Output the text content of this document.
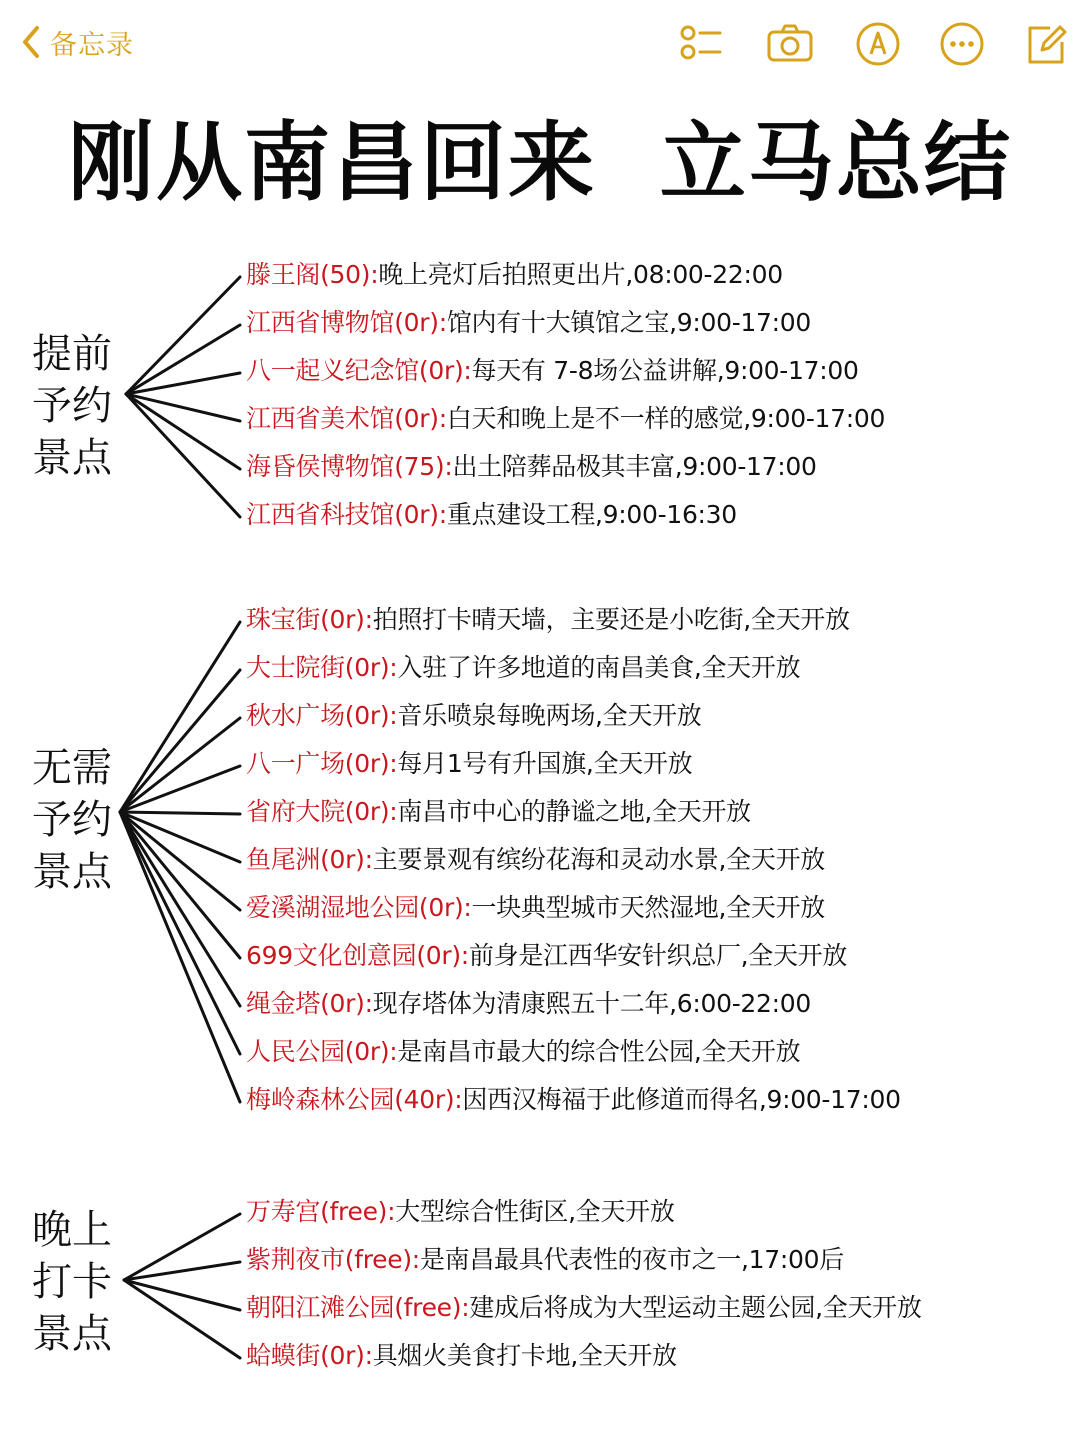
备忘录
刚从南昌回来  立马总结
提前
予约
景点
无需
予约
景点
晚上
打卡
景点
滕王阁(50):晚上亮灯后拍照更出片,08:00-22:00
江西省博物馆(0r):馆内有十大镇馆之宝,9:00-17:00
八一起义纪念馆(0r):每天有 7-8场公益讲解,9:00-17:00
江西省美术馆(0r):白天和晚上是不一样的感觉,9:00-17:00
海昏侯博物馆(75):出土陪葬品极其丰富,9:00-17:00
江西省科技馆(0r):重点建设工程,9:00-16:30
珠宝街(0r):拍照打卡晴天墙，主要还是小吃街,全天开放
大士院街(0r):入驻了许多地道的南昌美食,全天开放
秋水广场(0r):音乐喷泉每晚两场,全天开放
八一广场(0r):每月1号有升国旗,全天开放
省府大院(0r):南昌市中心的静谧之地,全天开放
鱼尾洲(0r):主要景观有缤纷花海和灵动水景,全天开放
爱溪湖湿地公园(0r):一块典型城市天然湿地,全天开放
699文化创意园(0r):前身是江西华安针织总厂,全天开放
绳金塔(0r):现存塔体为清康熙五十二年,6:00-22:00
人民公园(0r):是南昌市最大的综合性公园,全天开放
梅岭森林公园(40r):因西汉梅福于此修道而得名,9:00-17:00
万寿宫(free):大型综合性街区,全天开放
紫荆夜市(free):是南昌最具代表性的夜市之一,17:00后
朝阳江滩公园(free):建成后将成为大型运动主题公园,全天开放
蛤蟆街(0r):具烟火美食打卡地,全天开放
